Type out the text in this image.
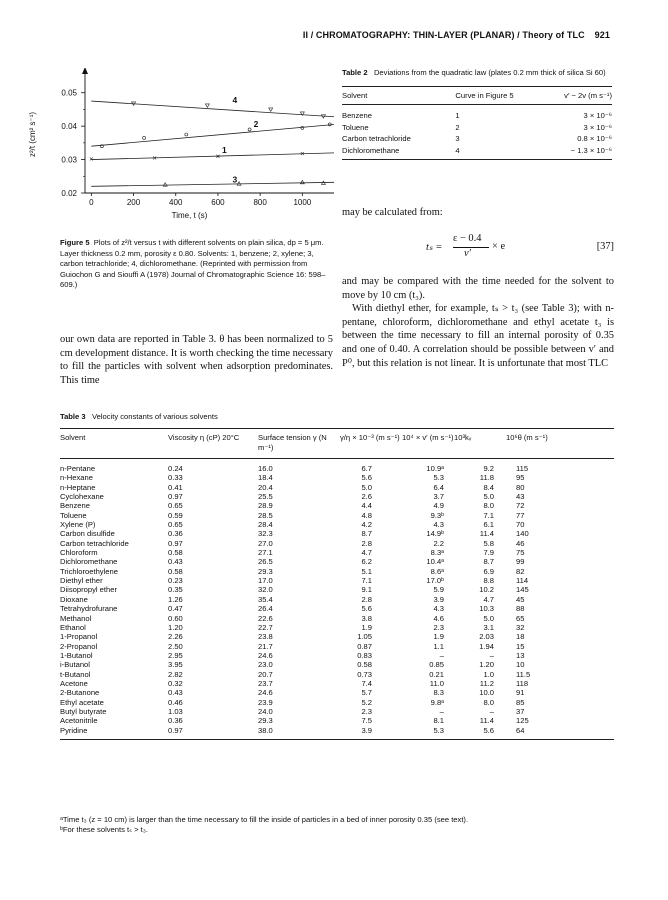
II / CHROMATOGRAPHY: THIN-LAYER (PLANAR) / Theory of TLC 921
0	200	400	600	800	1000
0.02
0.03
0.04
0.05
Time, t (s)
z²/t (cm² s⁻¹)	1
2
3
4
Figure 5 Plots of z²/t versus t with different solvents on plain silica, dp = 5 μm. Layer thickness 0.2 mm, porosity ε 0.80. Solvents: 1, benzene; 2, xylene; 3, carbon tetrachloride; 4, dichloromethane. (Reprinted with permission from Guiochon G and Siouffi A (1978) Journal of Chromatographic Science 16: 598–609.)
Table 2 Deviations from the quadratic law (plates 0.2 mm thick of silica Si 60)
Solvent	Curve in Figure 5	v′ − 2v (m s⁻¹)
Benzene	1	3 × 10⁻⁶
Toluene	2	3 × 10⁻⁶
Carbon tetrachloride	3	0.8 × 10⁻⁶
Dichloromethane	4	− 1.3 × 10⁻⁶
may be calculated from:
tₛ =
ε − 0.4
v′
× e	[37]

and may be compared with the time needed for the solvent to move by 10 cm (t₃).

With diethyl ether, for example, tₛ > t₃ (see Table 3); with n-pentane, chloroform, dichloromethane and ethyl acetate t₃ is between the time necessary to fill an internal porosity of 0.35 and one of 0.40. A correlation should be possible between v′ and P⁰, but this relation is not linear. It is unfortunate that most TLC

our own data are reported in Table 3. θ has been normalized to 5 cm development distance. It is worth checking the time necessary to fill the particles with solvent when adsorption predominates. This time
Table 3 Velocity constants of various solvents
Solvent	Viscosity η (cP) 20°C	Surface tension γ (N m⁻¹)	γ/η × 10⁻³ (m s⁻¹)	10⁴ × v′ (m s⁻¹)	10³kᵥ	10⁶θ (m s⁻¹)
n-Pentane	0.24	16.0	6.7	10.9ᵃ	9.2	115
n-Hexane	0.33	18.4	5.6	5.3	11.8	95
n-Heptane	0.41	20.4	5.0	6.4	8.4	80
Cyclohexane	0.97	25.5	2.6	3.7	5.0	43
Benzene	0.65	28.9	4.4	4.9	8.0	72
Toluene	0.59	28.5	4.8	9.3ᵇ	7.1	77
Xylene (P)	0.65	28.4	4.2	4.3	6.1	70
Carbon disulfide	0.36	32.3	8.7	14.9ᵇ	11.4	140
Carbon tetrachloride	0.97	27.0	2.8	2.2	5.8	46
Chloroform	0.58	27.1	4.7	8.3ᵃ	7.9	75
Dichloromethane	0.43	26.5	6.2	10.4ᵃ	8.7	99
Trichloroethylene	0.58	29.3	5.1	8.6ᵃ	6.9	82
Diethyl ether	0.23	17.0	7.1	17.0ᵇ	8.8	114
Diisopropyl ether	0.35	32.0	9.1	5.9	10.2	145
Dioxane	1.26	35.4	2.8	3.9	4.7	45
Tetrahydrofurane	0.47	26.4	5.6	4.3	10.3	88
Methanol	0.60	22.6	3.8	4.6	5.0	65
Ethanol	1.20	22.7	1.9	2.3	3.1	32
1-Propanol	2.26	23.8	1.05	1.9	2.03	18
2-Propanol	2.50	21.7	0.87	1.1	1.94	15
1-Butanol	2.95	24.6	0.83	–	–	13
i-Butanol	3.95	23.0	0.58	0.85	1.20	10
t-Butanol	2.82	20.7	0.73	0.21	1.0	11.5
Acetone	0.32	23.7	7.4	11.0	11.2	118
2-Butanone	0.43	24.6	5.7	8.3	10.0	91
Ethyl acetate	0.46	23.9	5.2	9.8ᵃ	8.0	85
Butyl butyrate	1.03	24.0	2.3	–	–	37
Acetonitrile	0.36	29.3	7.5	8.1	11.4	125
Pyridine	0.97	38.0	3.9	5.3	5.6	64
ᵃTime t₃ (z = 10 cm) is larger than the time necessary to fill the inside of particles in a bed of inner porosity 0.35 (see text).
ᵇFor these solvents tₛ > t₃.
